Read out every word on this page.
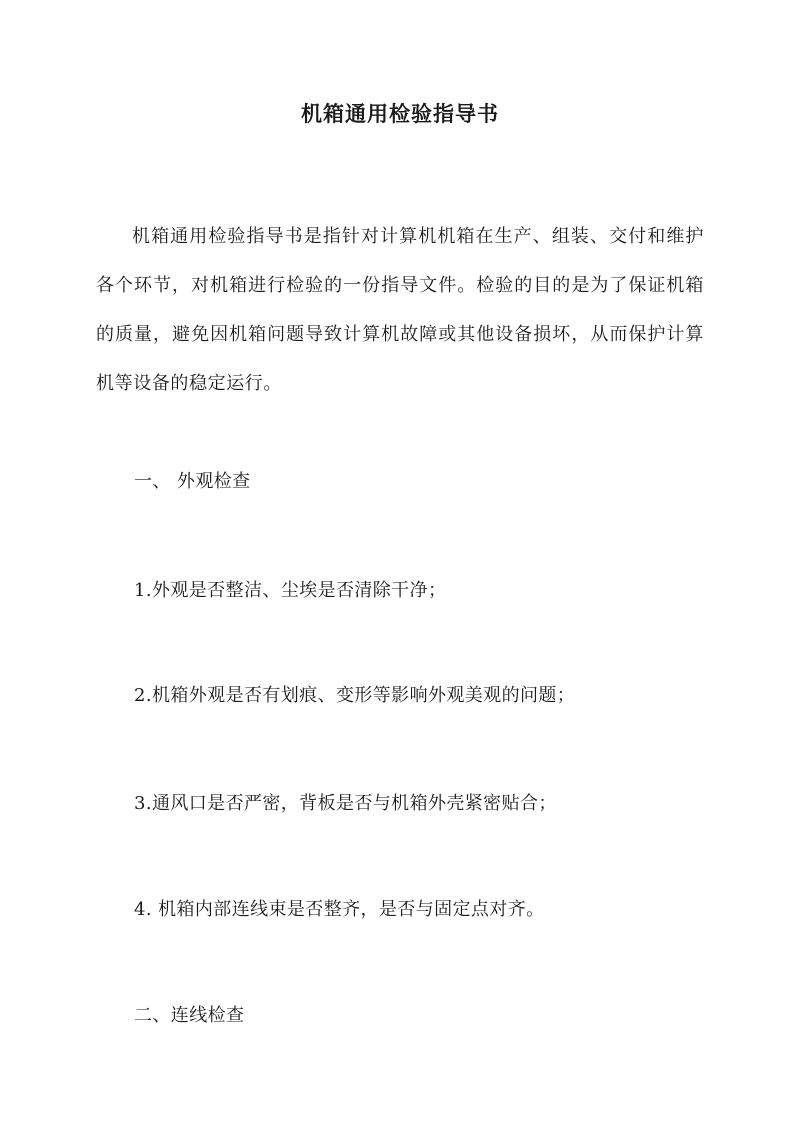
机箱通用检验指导书

机箱通用检验指导书是指针对计算机机箱在生产、组装、交付和维护各个环节，对机箱进行检验的一份指导文件。检验的目的是为了保证机箱的质量，避免因机箱问题导致计算机故障或其他设备损坏，从而保护计算机等设备的稳定运行。

一、 外观检查
1.外观是否整洁、尘埃是否清除干净；
2.机箱外观是否有划痕、变形等影响外观美观的问题；
3.通风口是否严密，背板是否与机箱外壳紧密贴合；
4. 机箱内部连线束是否整齐，是否与固定点对齐。
二、连线检查
